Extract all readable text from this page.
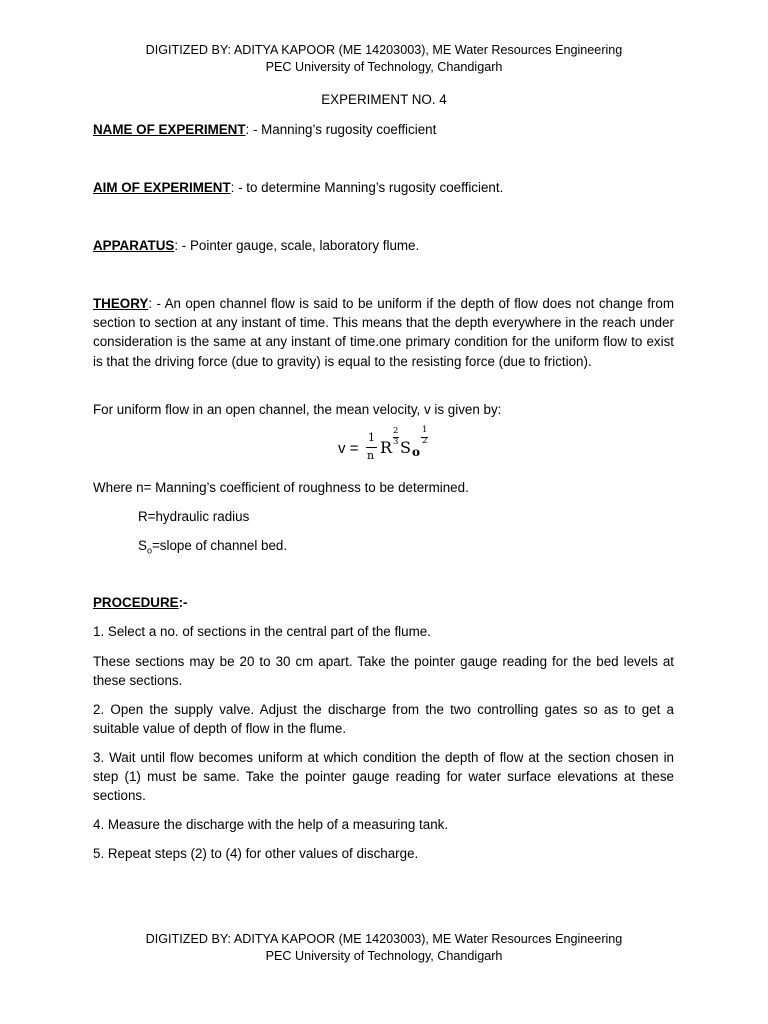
DIGITIZED BY: ADITYA KAPOOR (ME 14203003), ME Water Resources Engineering
PEC University of Technology, Chandigarh
EXPERIMENT NO. 4
NAME OF EXPERIMENT: - Manning’s rugosity coefficient
AIM OF EXPERIMENT: - to determine Manning’s rugosity coefficient.
APPARATUS: - Pointer gauge, scale, laboratory flume.
THEORY: - An open channel flow is said to be uniform if the depth of flow does not change from section to section at any instant of time. This means that the depth everywhere in the reach under consideration is the same at any instant of time.one primary condition for the uniform flow to exist is that the driving force (due to gravity) is equal to the resisting force (due to friction).
For uniform flow in an open channel, the mean velocity, v is given by:
v =
1
n R
2
3 S o
1
2
Where n= Manning’s coefficient of roughness to be determined.
R=hydraulic radius
$S_o=slope$ of channel bed.
PROCEDURE:-
1. Select a no. of sections in the central part of the flume.
These sections may be 20 to 30 cm apart. Take the pointer gauge reading for the bed levels at these sections.
2. Open the supply valve. Adjust the discharge from the two controlling gates so as to get a suitable value of depth of flow in the flume.
3. Wait until flow becomes uniform at which condition the depth of flow at the section chosen in step (1) must be same. Take the pointer gauge reading for water surface elevations at these sections.
4. Measure the discharge with the help of a measuring tank.
5. Repeat steps (2) to (4) for other values of discharge.
DIGITIZED BY: ADITYA KAPOOR (ME 14203003), ME Water Resources Engineering
PEC University of Technology, Chandigarh
